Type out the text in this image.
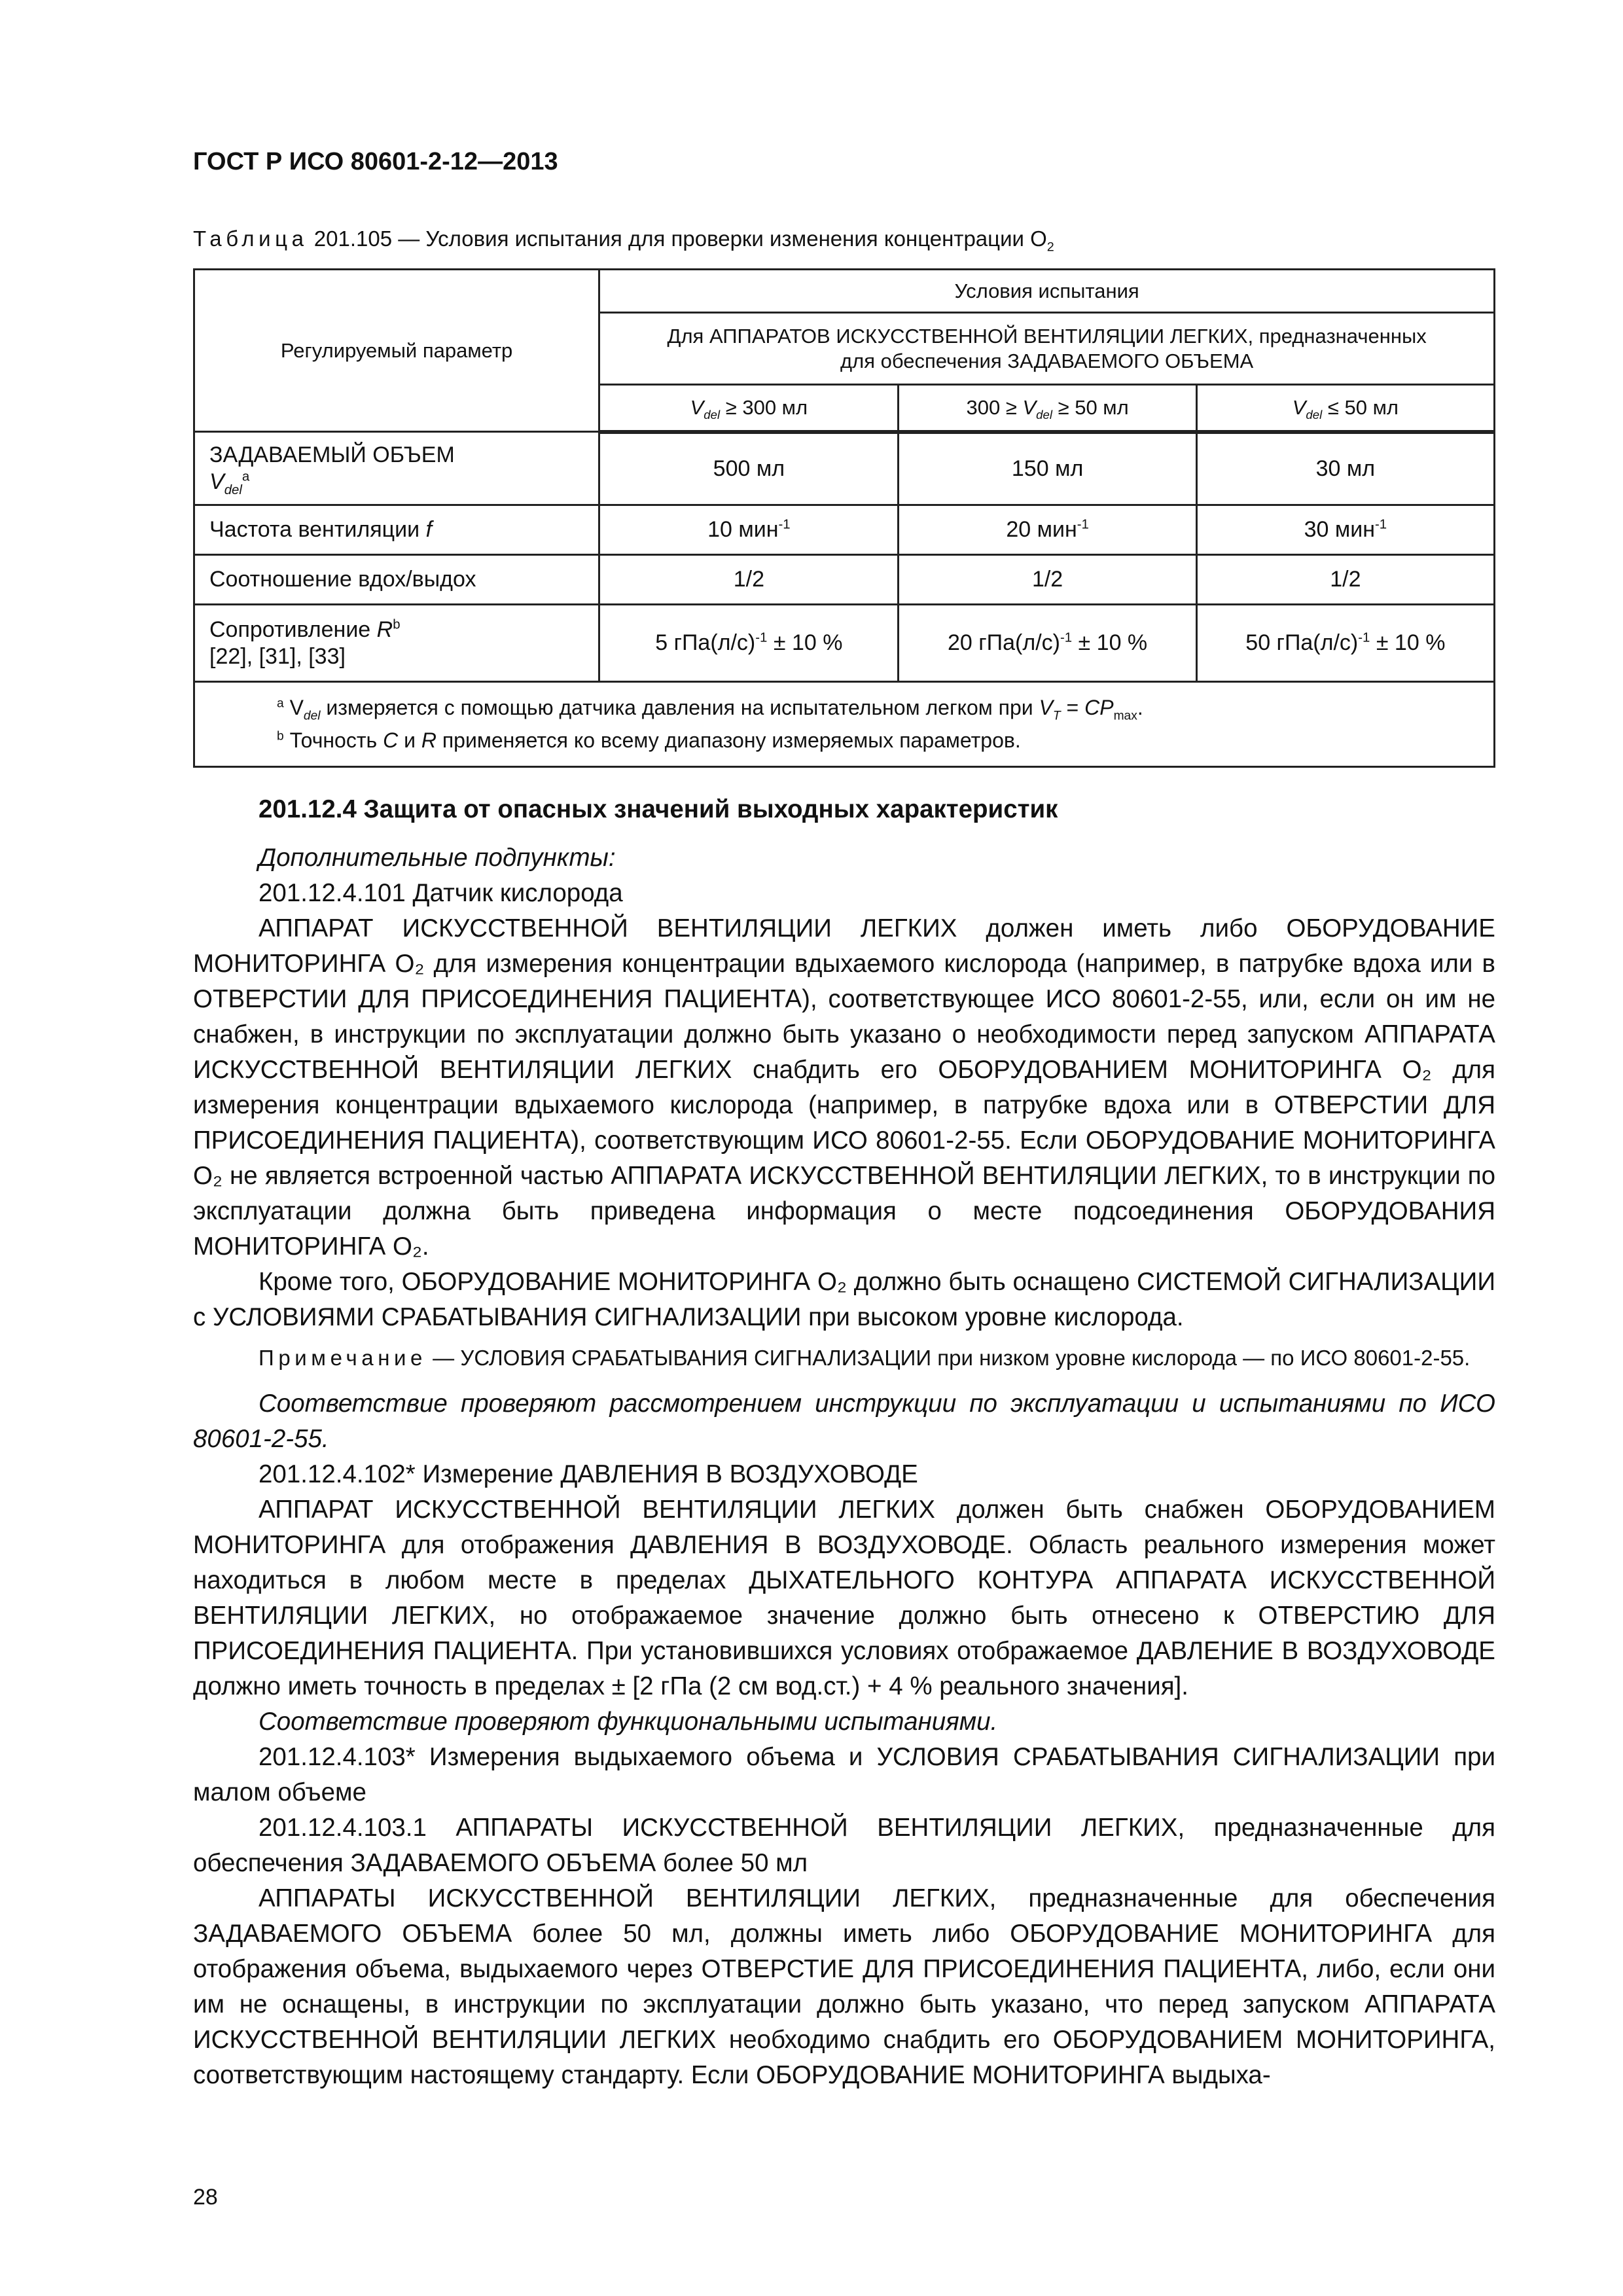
ГОСТ Р ИСО 80601-2-12—2013
Таблица 201.105 — Условия испытания для проверки изменения концентрации $O_2$
Регулируемый параметр	Условия испытания		

	Для АППАРАТОВ ИСКУССТВЕННОЙ ВЕНТИЛЯЦИИ ЛЕГКИХ, предназначенных
для обеспечения ЗАДАВАЕМОГО ОБЪЕМА		

	$V_{del} \ge 300$ мл	$300 \ge V_{del} \ge 50$ мл	$V_{del} \le 50$ мл

ЗАДАВАЕМЫЙ ОБЪЕМ
$V_{del}^a$	500 мл	150 мл	30 мл
Частота вентиляции f	10 мин$^{-1}$	20 мин$^{-1}$	30 мин$^{-1}$
Соотношение вдох/выдох	1/2	1/2	1/2

Сопротивление $R^b$
[22], [31], [33]	5 $гПа(л/с)^{-1} \pm 10$ %	20 $гПа(л/с)^{-1} \pm 10$ %	50 $гПа(л/с)^{-1} \pm 10$ %

$^a$ $V_{del}$ измеряется с помощью датчика давления на испытательном легком при $V_T = CP_{max}$.
$^b$ Точность C и R применяется ко всему диапазону измеряемых параметров.			

201.12.4 Защита от опасных значений выходных характеристик

Дополнительные подпункты:

201.12.4.101 Датчик кислорода

АППАРАТ ИСКУССТВЕННОЙ ВЕНТИЛЯЦИИ ЛЕГКИХ должен иметь либо ОБОРУДОВАНИЕ МОНИТОРИНГА O₂ для измерения концентрации вдыхаемого кислорода (например, в патрубке вдоха или в ОТВЕРСТИИ ДЛЯ ПРИСОЕДИНЕНИЯ ПАЦИЕНТА), соответствующее ИСО 80601-2-55, или, если он им не снабжен, в инструкции по эксплуатации должно быть указано о необходимости перед запуском АППАРАТА ИСКУССТВЕННОЙ ВЕНТИЛЯЦИИ ЛЕГКИХ снабдить его ОБОРУДОВАНИЕМ МОНИТОРИНГА O₂ для измерения концентрации вдыхаемого кислорода (например, в патрубке вдоха или в ОТВЕРСТИИ ДЛЯ ПРИСОЕДИНЕНИЯ ПАЦИЕНТА), соответствующим ИСО 80601-2-55. Если ОБОРУДОВАНИЕ МОНИТОРИНГА O₂ не является встроенной частью АППАРАТА ИСКУССТВЕННОЙ ВЕНТИЛЯЦИИ ЛЕГКИХ, то в инструкции по эксплуатации должна быть приведена информация о месте подсоединения ОБОРУДОВАНИЯ МОНИТОРИНГА O₂.

Кроме того, ОБОРУДОВАНИЕ МОНИТОРИНГА O₂ должно быть оснащено СИСТЕМОЙ СИГНАЛИЗАЦИИ с УСЛОВИЯМИ СРАБАТЫВАНИЯ СИГНАЛИЗАЦИИ при высоком уровне кислорода.

Примечание — УСЛОВИЯ СРАБАТЫВАНИЯ СИГНАЛИЗАЦИИ при низком уровне кислорода — по ИСО 80601-2-55.

Соответствие проверяют рассмотрением инструкции по эксплуатации и испытаниями по ИСО 80601-2-55.

201.12.4.102* Измерение ДАВЛЕНИЯ В ВОЗДУХОВОДЕ

АППАРАТ ИСКУССТВЕННОЙ ВЕНТИЛЯЦИИ ЛЕГКИХ должен быть снабжен ОБОРУДОВАНИЕМ МОНИТОРИНГА для отображения ДАВЛЕНИЯ В ВОЗДУХОВОДЕ. Область реального измерения может находиться в любом месте в пределах ДЫХАТЕЛЬНОГО КОНТУРА АППАРАТА ИСКУССТВЕННОЙ ВЕНТИЛЯЦИИ ЛЕГКИХ, но отображаемое значение должно быть отнесено к ОТВЕРСТИЮ ДЛЯ ПРИСОЕДИНЕНИЯ ПАЦИЕНТА. При установившихся условиях отображаемое ДАВЛЕНИЕ В ВОЗДУХОВОДЕ должно иметь точность в пределах ± [2 гПа (2 см вод.ст.) + 4 % реального значения].

Соответствие проверяют функциональными испытаниями.

201.12.4.103* Измерения выдыхаемого объема и УСЛОВИЯ СРАБАТЫВАНИЯ СИГНАЛИЗАЦИИ при малом объеме

201.12.4.103.1 АППАРАТЫ ИСКУССТВЕННОЙ ВЕНТИЛЯЦИИ ЛЕГКИХ, предназначенные для обеспечения ЗАДАВАЕМОГО ОБЪЕМА более 50 мл

АППАРАТЫ ИСКУССТВЕННОЙ ВЕНТИЛЯЦИИ ЛЕГКИХ, предназначенные для обеспечения ЗАДАВАЕМОГО ОБЪЕМА более 50 мл, должны иметь либо ОБОРУДОВАНИЕ МОНИТОРИНГА для отображения объема, выдыхаемого через ОТВЕРСТИЕ ДЛЯ ПРИСОЕДИНЕНИЯ ПАЦИЕНТА, либо, если они им не оснащены, в инструкции по эксплуатации должно быть указано, что перед запуском АППАРАТА ИСКУССТВЕННОЙ ВЕНТИЛЯЦИИ ЛЕГКИХ необходимо снабдить его ОБОРУДОВАНИЕМ МОНИТОРИНГА, соответствующим настоящему стандарту. Если ОБОРУДОВАНИЕ МОНИТОРИНГА выдыха-

28
